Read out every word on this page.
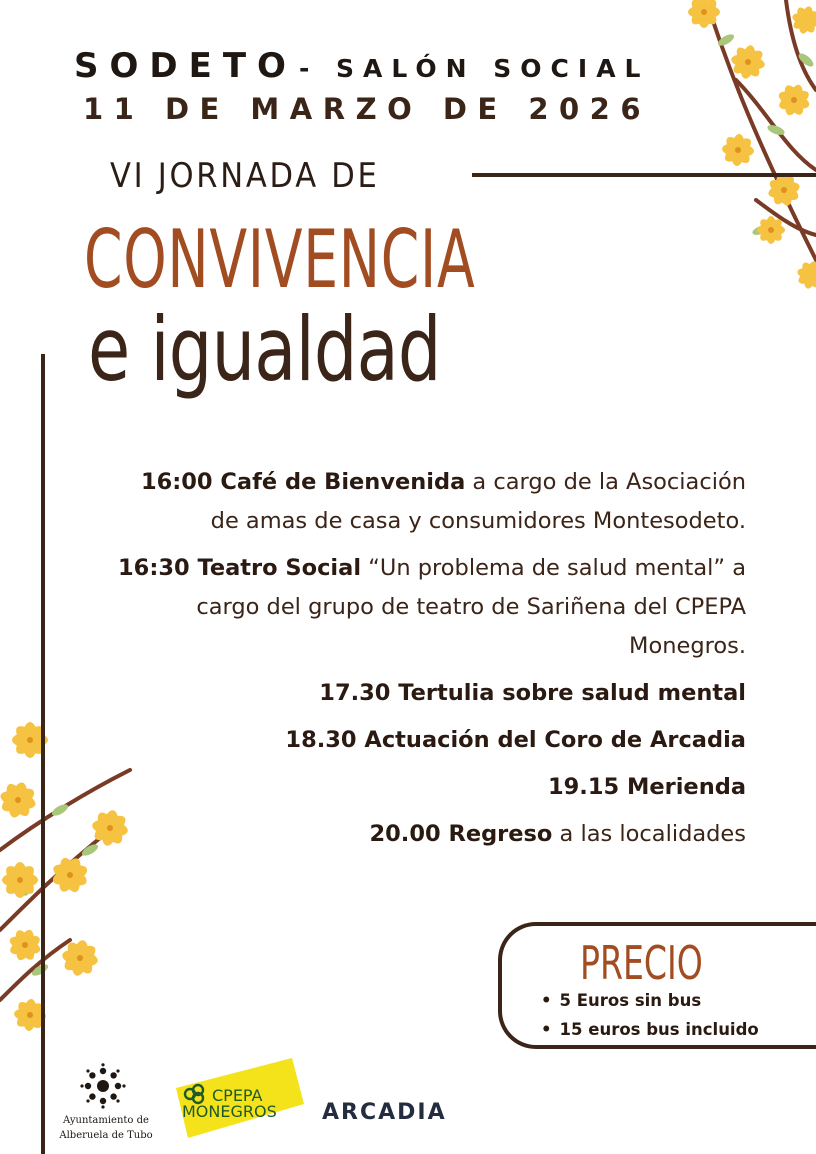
SODETO- SALÓN SOCIAL
11 DE MARZO DE 2026
VI JORNADA DE
CONVIVENCIA
e igualdad

16:00 Café de Bienvenida a cargo de la Asociación de amas de casa y consumidores Montesodeto.

16:30 Teatro Social “Un problema de salud mental” a cargo del grupo de teatro de Sariñena del CPEPA Monegros.

17.30 Tertulia sobre salud mental

18.30 Actuación del Coro de Arcadia

19.15 Merienda

20.00 Regreso a las localidades

PRECIO
• 5 Euros sin bus
• 15 euros bus incluido
Ayuntamiento de
Alberuela de Tubo
CPEPA
MONEGROS ARCADIA
